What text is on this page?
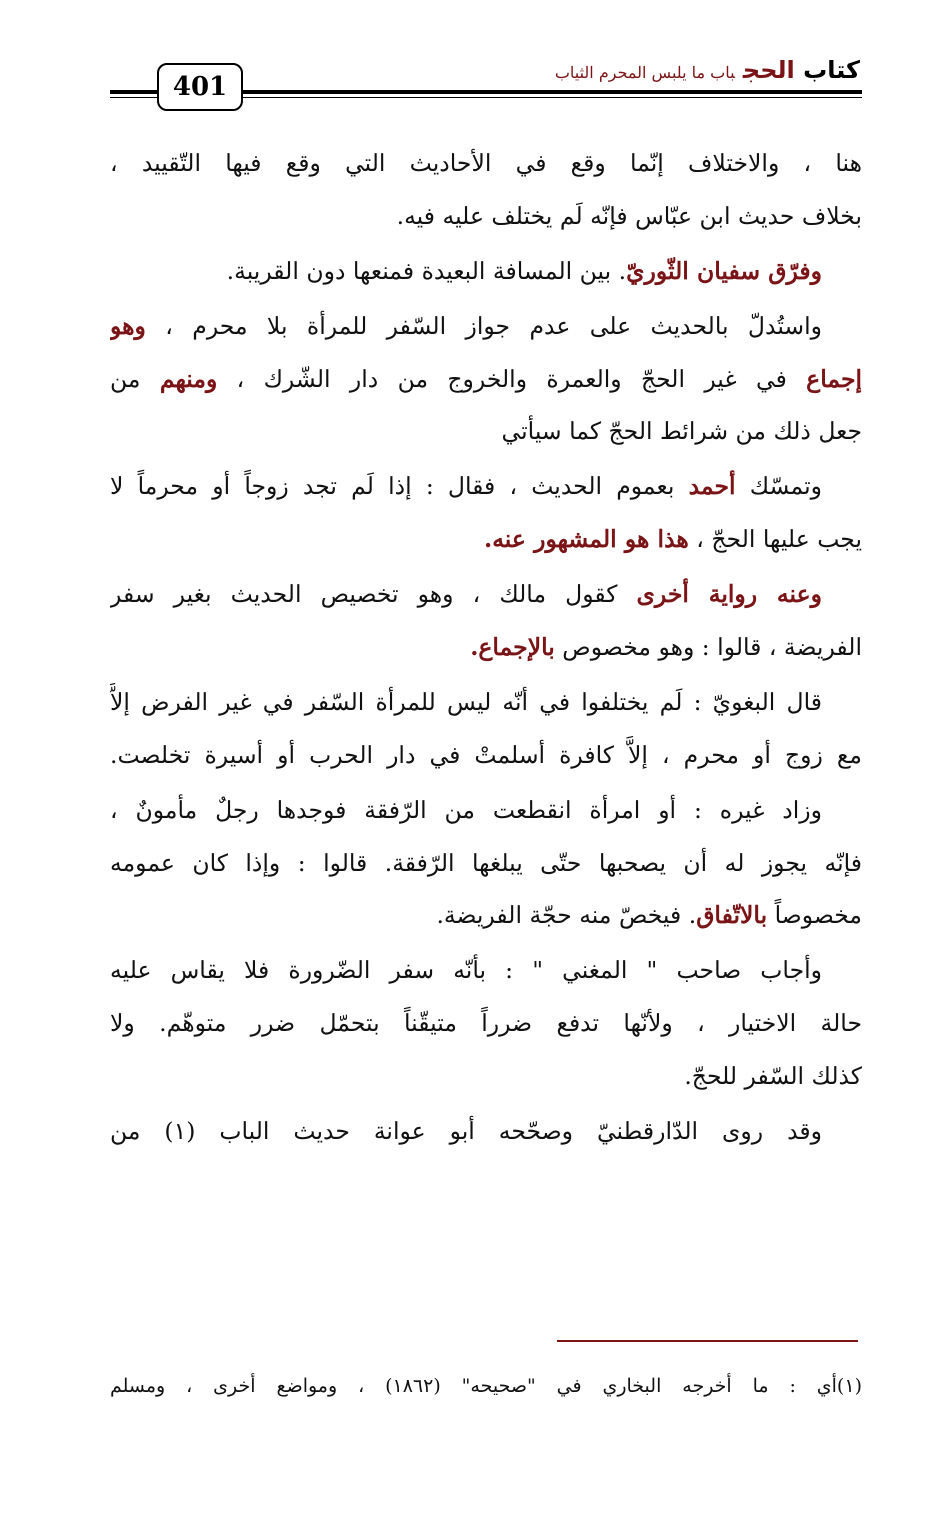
كتاب الحجباب ما يلبس المحرم الثياب
401
هنا ، والاختلاف إنّما وقع في الأحاديث التي وقع فيها التّقييد ،
بخلاف حديث ابن عبّاس فإنّه لَم يختلف عليه فيه.
وفرّق سفيان الثّوريّ. بين المسافة البعيدة فمنعها دون القريبة.
واستُدلّ بالحديث على عدم جواز السّفر للمرأة بلا محرم ، وهو
إجماع في غير الحجّ والعمرة والخروج من دار الشّرك ، ومنهم من
جعل ذلك من شرائط الحجّ كما سيأتي
وتمسّك أحمد بعموم الحديث ، فقال : إذا لَم تجد زوجاً أو محرماً لا
يجب عليها الحجّ ، هذا هو المشهور عنه.
وعنه رواية أخرى كقول مالك ، وهو تخصيص الحديث بغير سفر
الفريضة ، قالوا : وهو مخصوص بالإجماع.
قال البغويّ : لَم يختلفوا في أنّه ليس للمرأة السّفر في غير الفرض إلاَّ
مع زوج أو محرم ، إلاَّ كافرة أسلمتْ في دار الحرب أو أسيرة تخلصت.
وزاد غيره : أو امرأة انقطعت من الرّفقة فوجدها رجلٌ مأمونٌ ،
فإنّه يجوز له أن يصحبها حتّى يبلغها الرّفقة. قالوا : وإذا كان عمومه
مخصوصاً بالاتّفاق. فيخصّ منه حجّة الفريضة.
وأجاب صاحب " المغني " : بأنّه سفر الضّرورة فلا يقاس عليه
حالة الاختيار ، ولأنّها تدفع ضرراً متيقّناً بتحمّل ضرر متوهّم. ولا
كذلك السّفر للحجّ.
وقد روى الدّارقطنيّ وصحّحه أبو عوانة حديث الباب (١) من
(١)أي : ما أخرجه البخاري في "صحيحه" (١٨٦٢) ، ومواضع أخرى ، ومسلم
